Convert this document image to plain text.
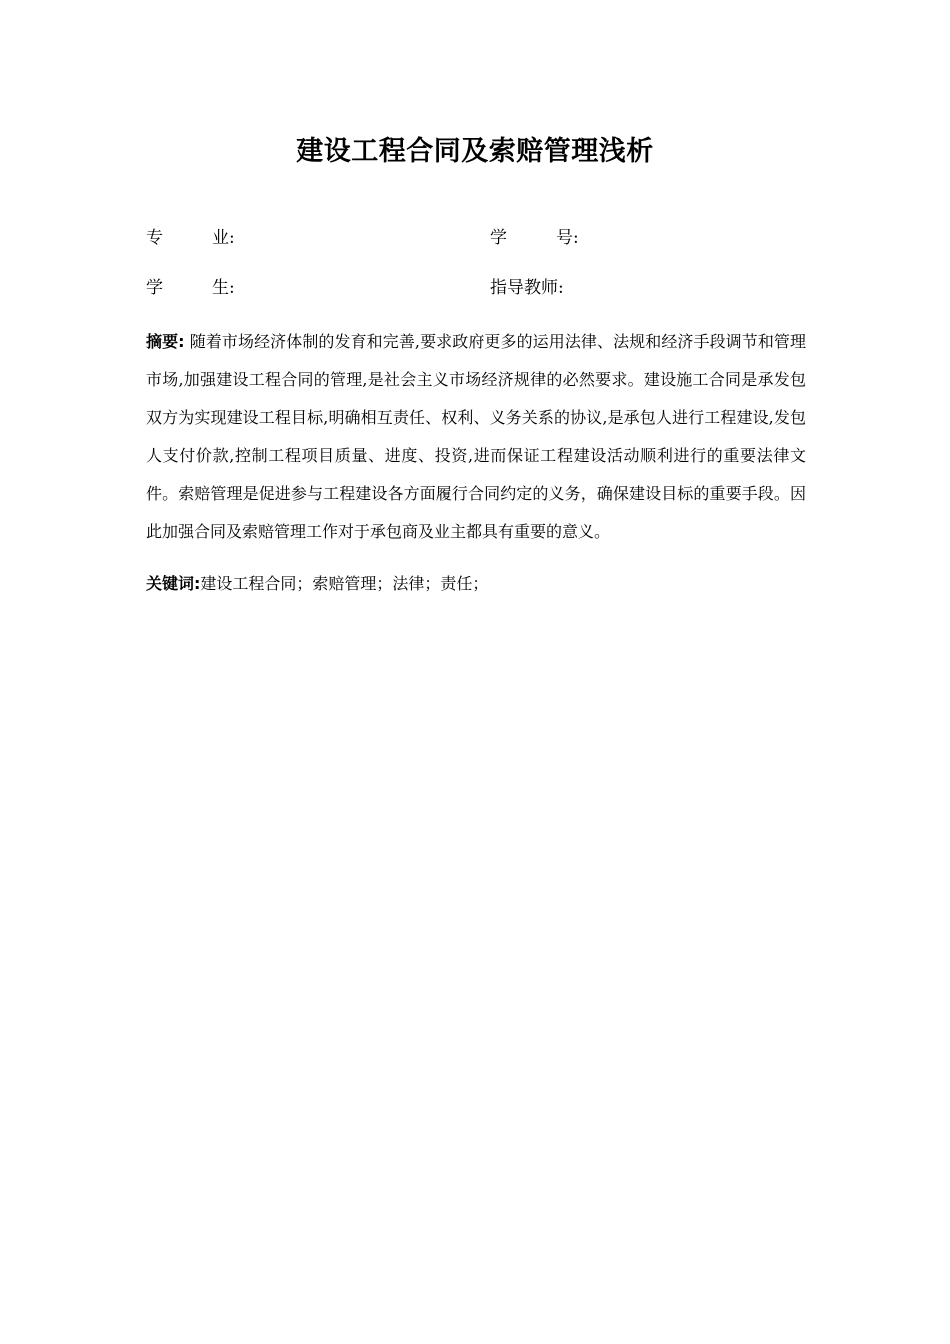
建设工程合同及索赔管理浅析
专	业:	学	号:
学	生:	指导教师:
摘要: 随着市场经济体制的发育和完善,要求政府更多的运用法律、法规和经济手段调节和管理市场,加强建设工程合同的管理,是社会主义市场经济规律的必然要求。建设施工合同是承发包双方为实现建设工程目标,明确相互责任、权利、义务关系的协议,是承包人进行工程建设,发包人支付价款,控制工程项目质量、进度、投资,进而保证工程建设活动顺利进行的重要法律文件。索赔管理是促进参与工程建设各方面履行合同约定的义务，确保建设目标的重要手段。因此加强合同及索赔管理工作对于承包商及业主都具有重要的意义。
关键词:建设工程合同；索赔管理；法律；责任；
